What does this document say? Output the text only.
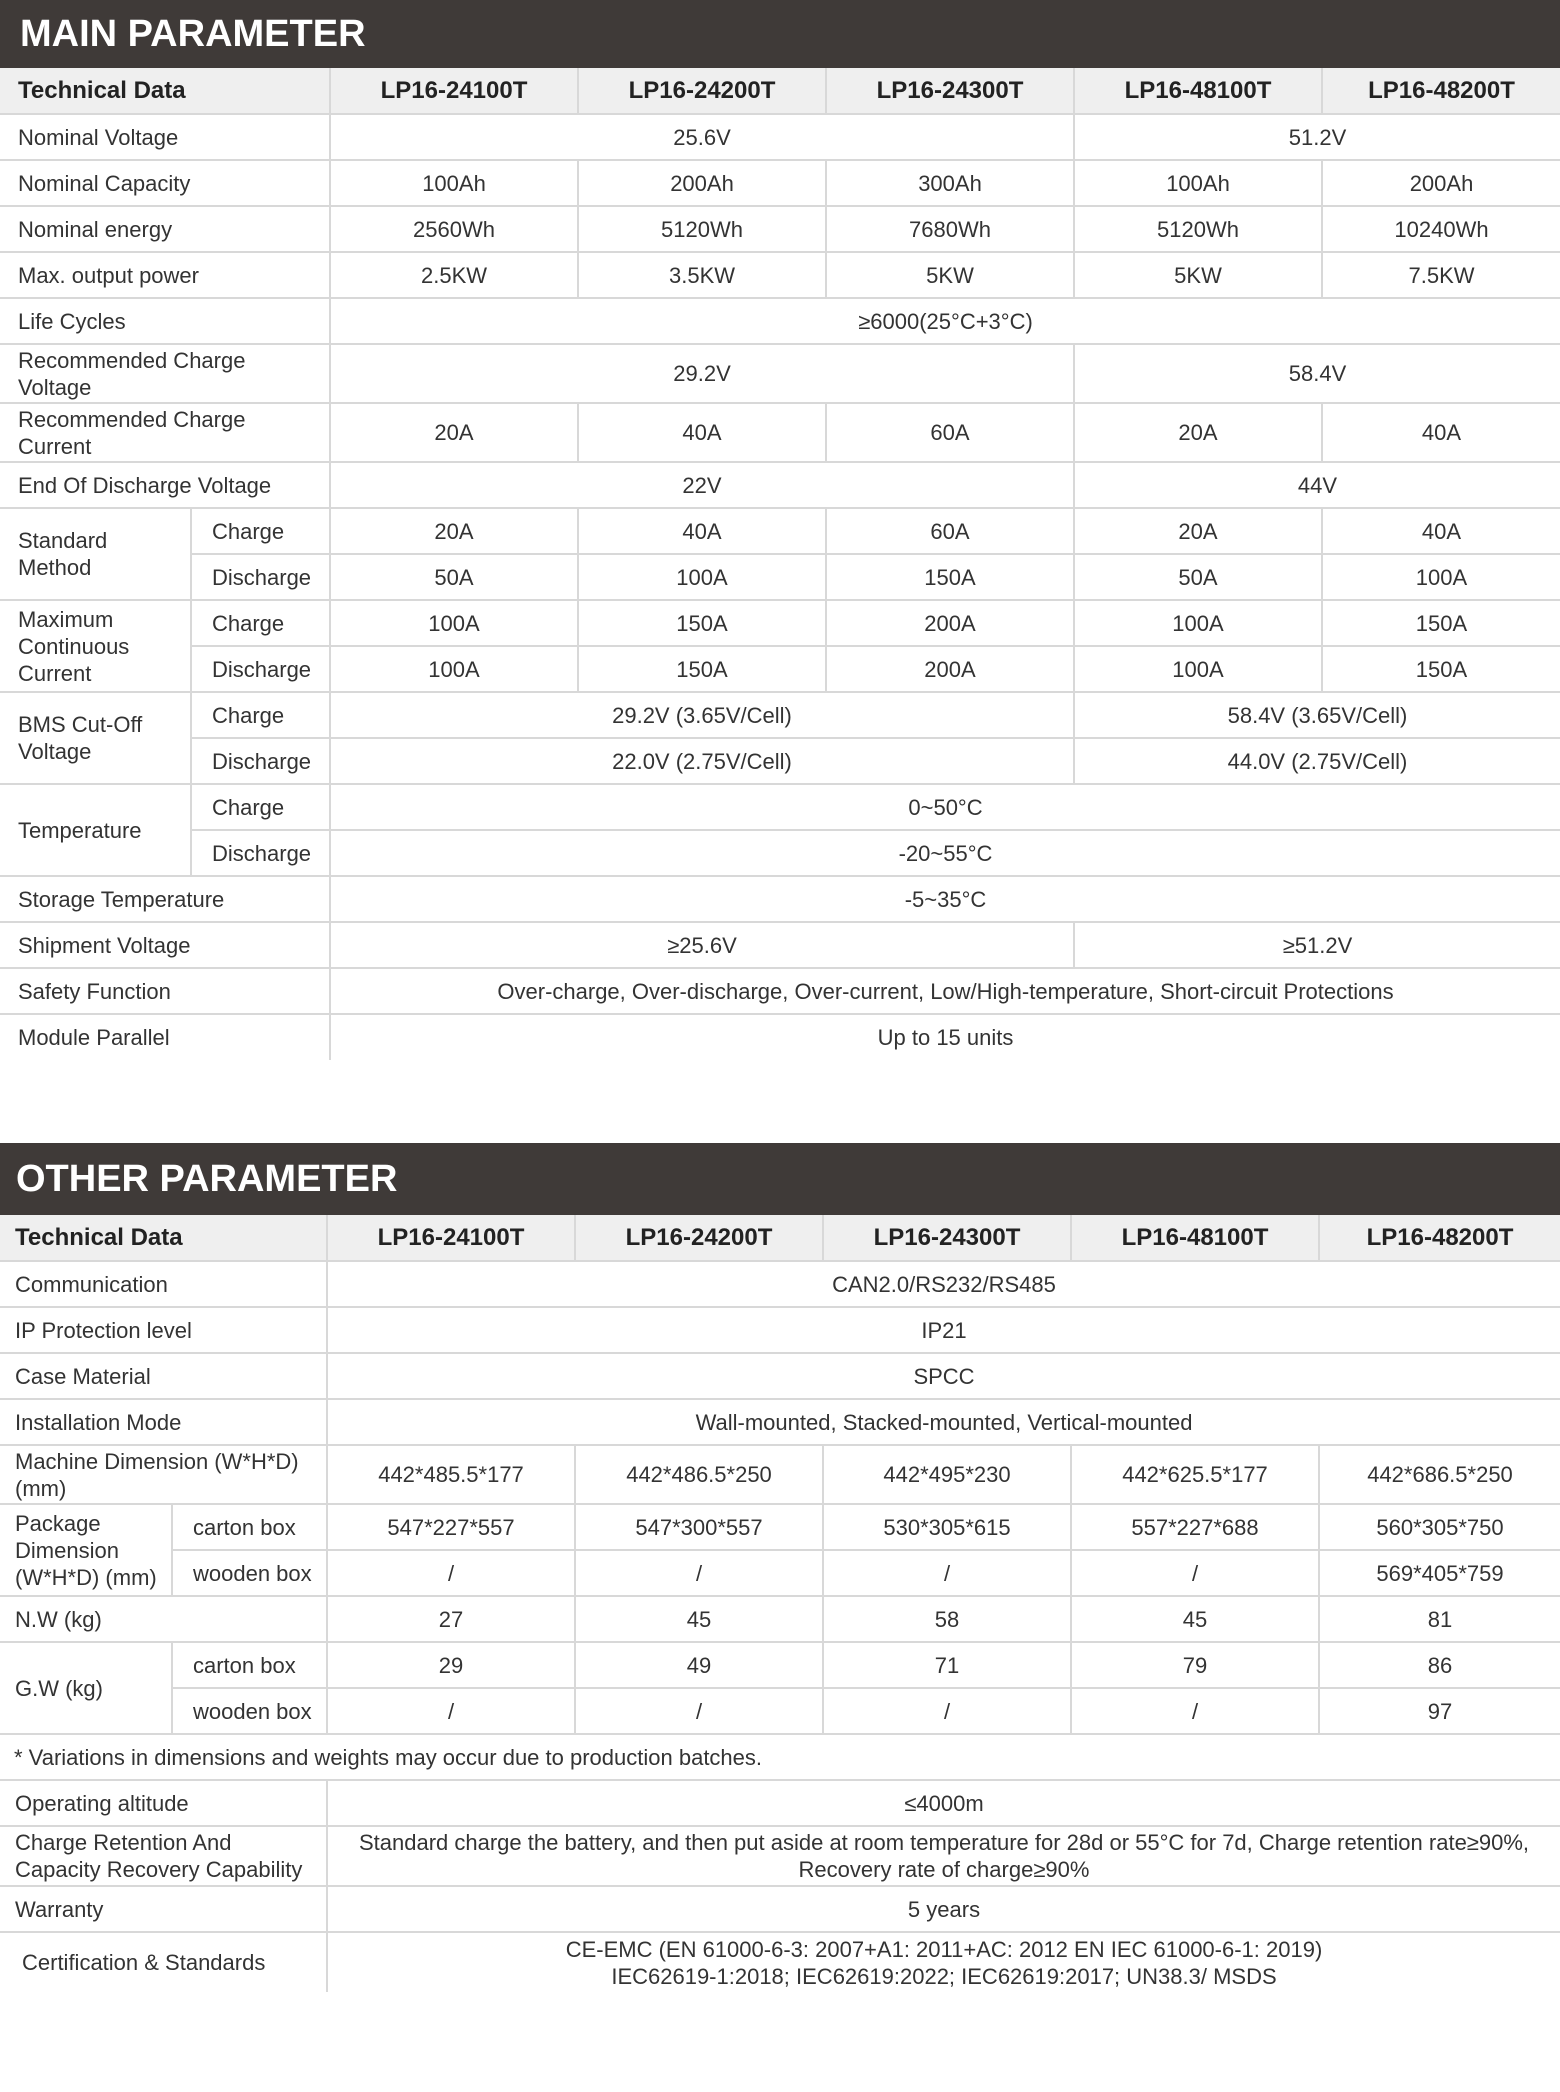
MAIN PARAMETER
Technical Data		LP16-24100T	LP16-24200T	LP16-24300T	LP16-48100T	LP16-48200T
Nominal Voltage		25.6V			51.2V	
Nominal Capacity		100Ah	200Ah	300Ah	100Ah	200Ah
Nominal energy		2560Wh	5120Wh	7680Wh	5120Wh	10240Wh
Max. output power		2.5KW	3.5KW	5KW	5KW	7.5KW
Life Cycles		≥6000(25°C+3°C)				
Recommended Charge Voltage		29.2V			58.4V	
Recommended Charge Current		20A	40A	60A	20A	40A
End Of Discharge Voltage		22V			44V	
Standard Method	Charge	20A	40A	60A	20A	40A
	Discharge	50A	100A	150A	50A	100A
Maximum Continuous Current	Charge	100A	150A	200A	100A	150A
	Discharge	100A	150A	200A	100A	150A
BMS Cut-Off Voltage	Charge	29.2V (3.65V/Cell)			58.4V (3.65V/Cell)	
	Discharge	22.0V (2.75V/Cell)			44.0V (2.75V/Cell)	
Temperature	Charge	0~50°C				
	Discharge	-20~55°C				
Storage Temperature		-5~35°C				
Shipment Voltage		≥25.6V			≥51.2V	
Safety Function		Over-charge, Over-discharge, Over-current, Low/High-temperature, Short-circuit Protections				
Module Parallel		Up to 15 units				
OTHER PARAMETER
Technical Data		LP16-24100T	LP16-24200T	LP16-24300T	LP16-48100T	LP16-48200T
Communication		CAN2.0/RS232/RS485				
IP Protection level		IP21				
Case Material		SPCC				
Installation Mode		Wall-mounted, Stacked-mounted, Vertical-mounted				
Machine Dimension (W*H*D) (mm)		442*485.5*177	442*486.5*250	442*495*230	442*625.5*177	442*686.5*250
Package Dimension (W*H*D) (mm)	carton box	547*227*557	547*300*557	530*305*615	557*227*688	560*305*750
	wooden box	/	/	/	/	569*405*759
N.W (kg)		27	45	58	45	81
G.W (kg)	carton box	29	49	71	79	86
	wooden box	/	/	/	/	97
* Variations in dimensions and weights may occur due to production batches.						
Operating altitude		≤4000m				
Charge Retention And Capacity Recovery Capability		Standard charge the battery, and then put aside at room temperature for 28d or 55°C for 7d, Charge retention rate≥90%,
Recovery rate of charge≥90%				

Warranty		5 years				
Certification & Standards		CE-EMC (EN 61000-6-3: 2007+A1: 2011+AC: 2012 EN IEC 61000-6-1: 2019)
IEC62619-1:2018; IEC62619:2022; IEC62619:2017; UN38.3/ MSDS				
